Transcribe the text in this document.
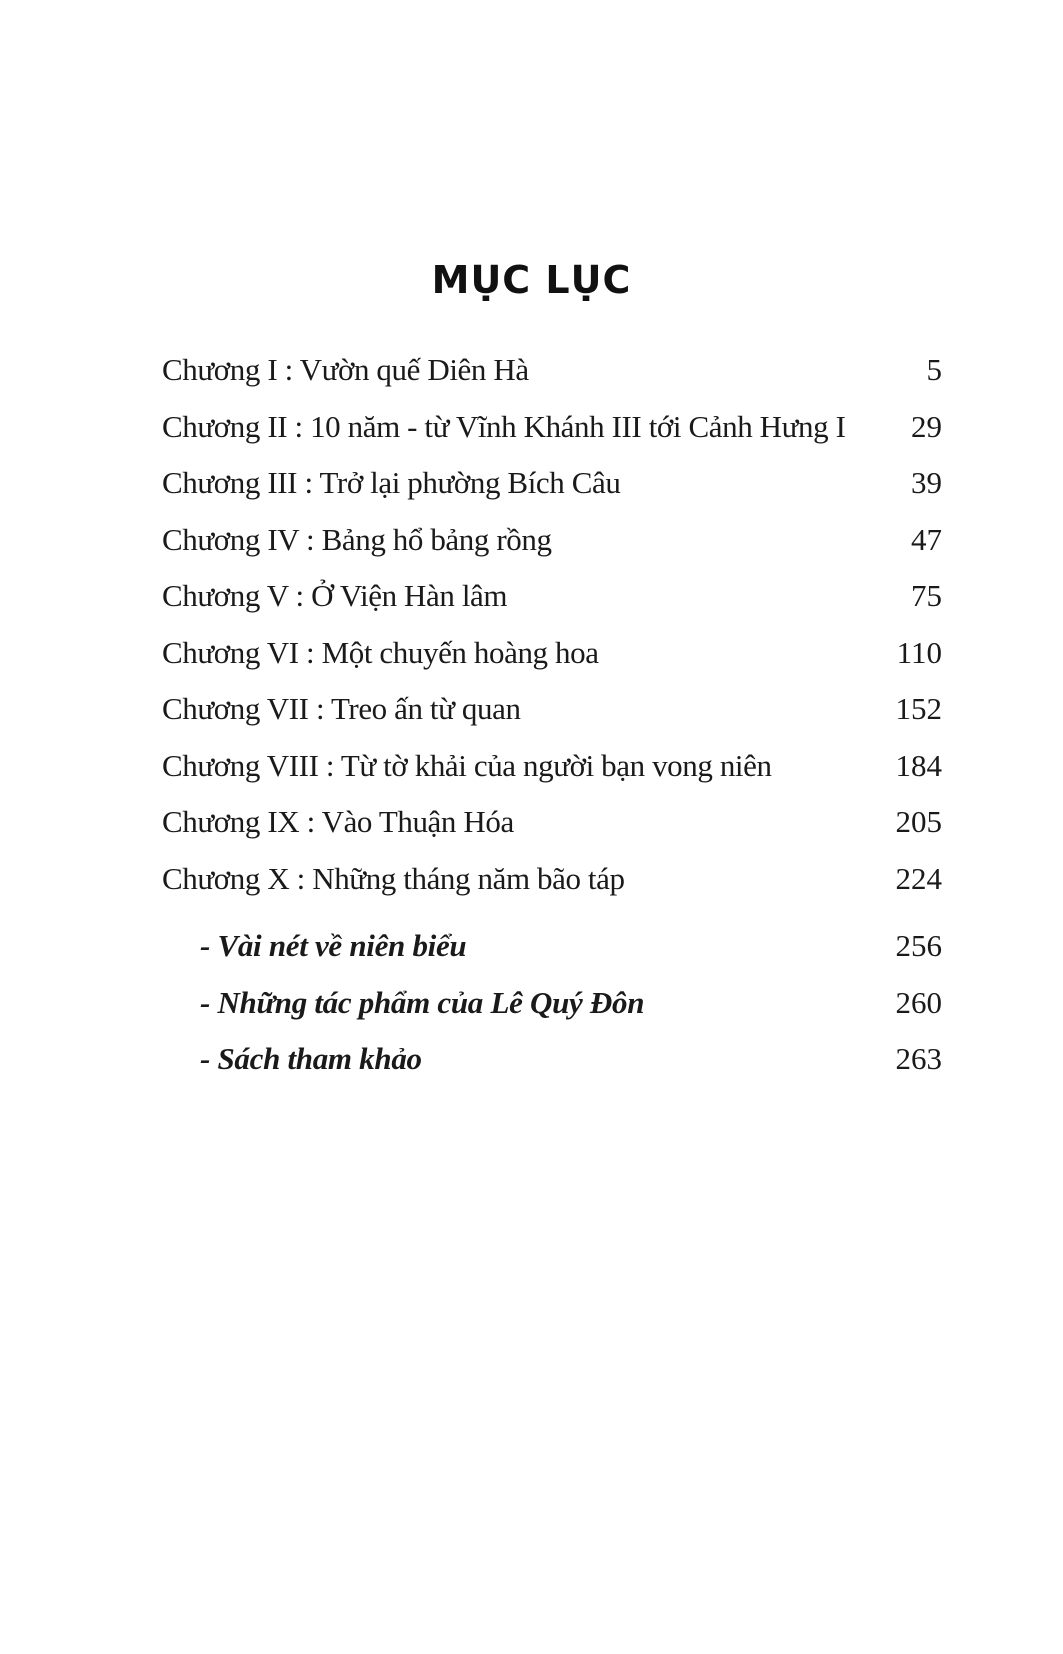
MỤC LỤC
Chương I : Vườn quế Diên Hà	5
Chương II : 10 năm - từ Vĩnh Khánh III tới Cảnh Hưng I 29
Chương III : Trở lại phường Bích Câu	39
Chương IV : Bảng hổ bảng rồng	47
Chương V : Ở Viện Hàn lâm	75
Chương VI : Một chuyến hoàng hoa	110
Chương VII : Treo ấn từ quan	152
Chương VIII : Từ tờ khải của người bạn vong niên	184
Chương IX : Vào Thuận Hóa	205
Chương X : Những tháng năm bão táp	224
- Vài nét về niên biểu	256
- Những tác phẩm của Lê Quý Đôn	260
- Sách tham khảo	263
